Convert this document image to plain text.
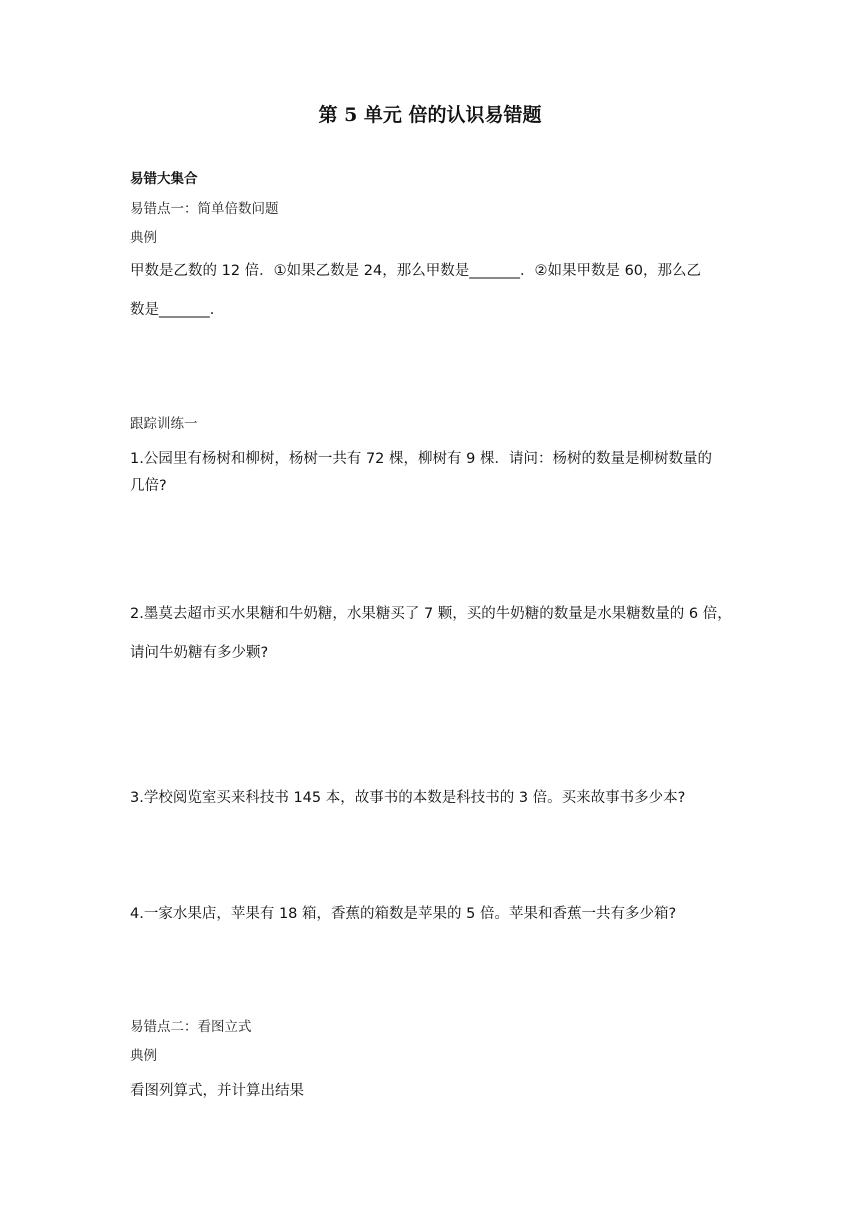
第 5 单元 倍的认识易错题
易错大集合
易错点一：简单倍数问题
典例
甲数是乙数的 12 倍．①如果乙数是 24，那么甲数是_______．②如果甲数是 60，那么乙
数是_______．
跟踪训练一
1.公园里有杨树和柳树，杨树一共有 72 棵，柳树有 9 棵．请问：杨树的数量是柳树数量的
几倍?
2.墨莫去超市买水果糖和牛奶糖，水果糖买了 7 颗，买的牛奶糖的数量是水果糖数量的 6 倍，
请问牛奶糖有多少颗?
3.学校阅览室买来科技书 145 本，故事书的本数是科技书的 3 倍。买来故事书多少本?
4.一家水果店，苹果有 18 箱，香蕉的箱数是苹果的 5 倍。苹果和香蕉一共有多少箱?
易错点二：看图立式
典例
看图列算式，并计算出结果
